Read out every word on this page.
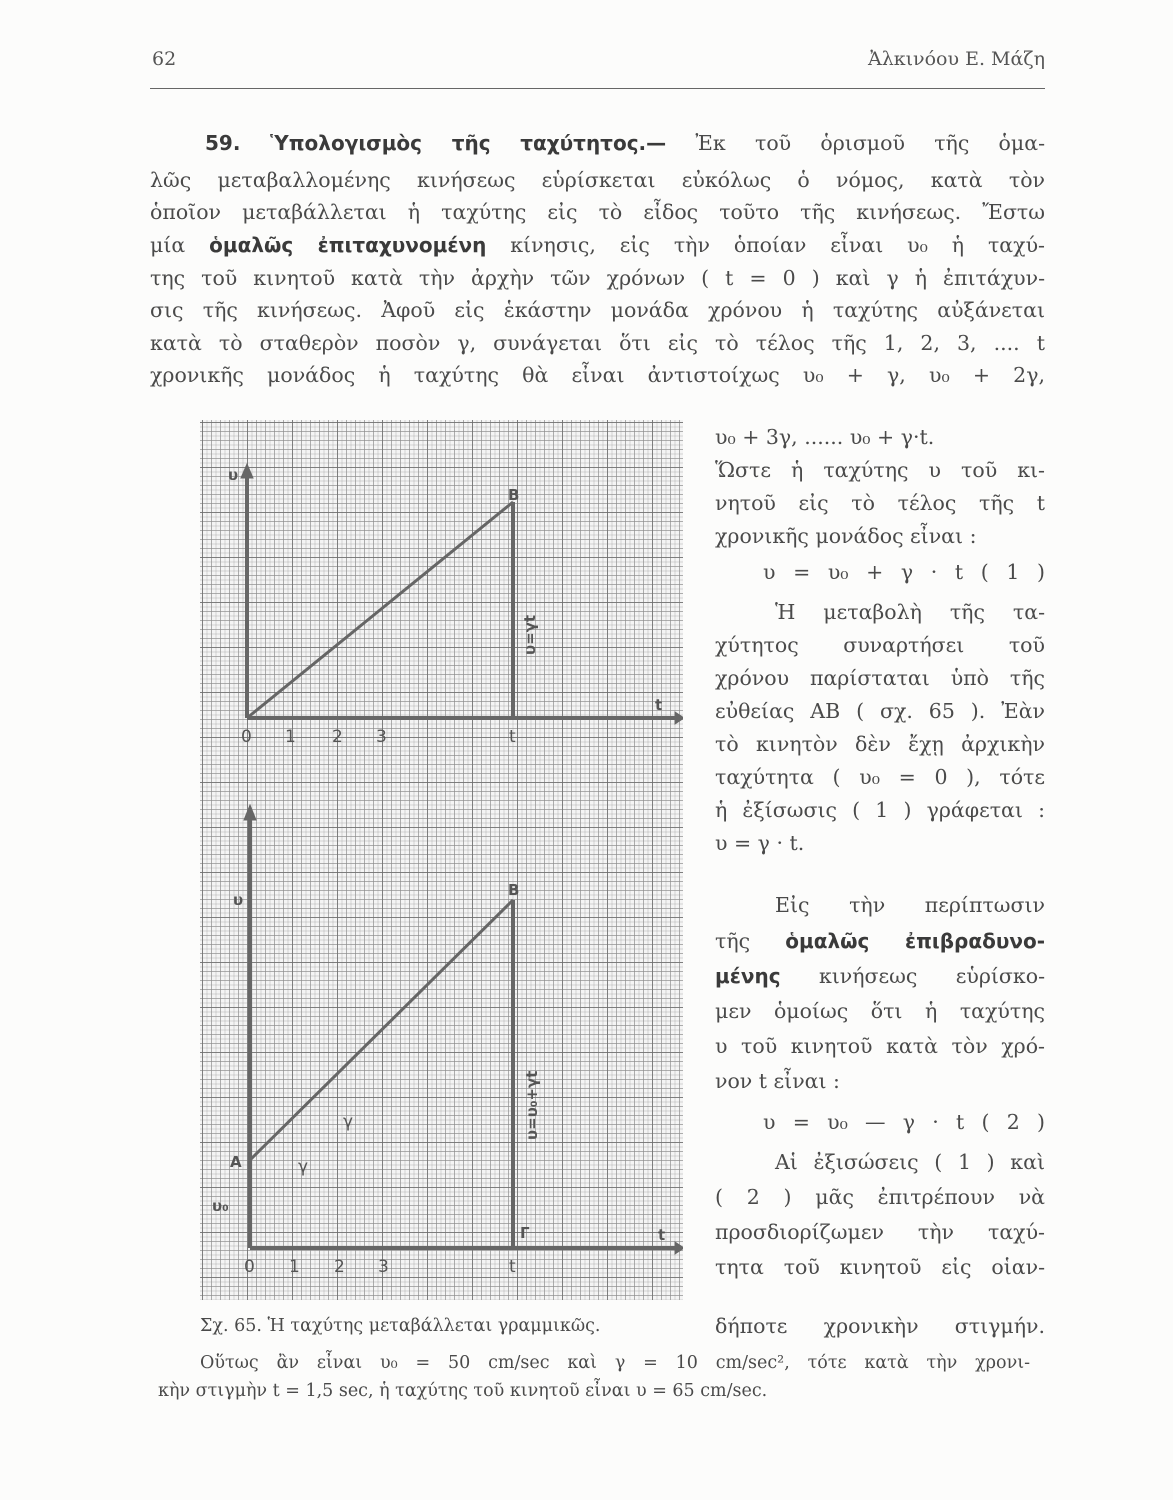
62	Ἀλκινόου Ε. Μάζη
59. Ὑπολογισμὸς τῆς ταχύτητος.— Ἐκ τοῦ ὁρισμοῦ τῆς ὁμα-
λῶς μεταβαλλομένης κινήσεως εὑρίσκεται εὐκόλως ὁ νόμος, κατὰ τὸν
ὁποῖον μεταβάλλεται ἡ ταχύτης εἰς τὸ εἶδος τοῦτο τῆς κινήσεως. Ἔστω
μία ὁμαλῶς ἐπιταχυνομένη κίνησις, εἰς τὴν ὁποίαν εἶναι υ₀ ἡ ταχύ-
της τοῦ κινητοῦ κατὰ τὴν ἀρχὴν τῶν χρόνων ( t = 0 ) καὶ γ ἡ ἐπιτάχυν-
σις τῆς κινήσεως. Ἀφοῦ εἰς ἑκάστην μονάδα χρόνου ἡ ταχύτης αὐξάνεται
κατὰ τὸ σταθερὸν ποσὸν γ, συνάγεται ὅτι εἰς τὸ τέλος τῆς 1, 2, 3, .... t
χρονικῆς μονάδος ἡ ταχύτης θὰ εἶναι ἀντιστοίχως υ₀ + γ, υ₀ + 2γ,
υ₀ + 3γ, ...... υ₀ + γ·t.
Ὥστε ἡ ταχύτης υ τοῦ κι-
νητοῦ εἰς τὸ τέλος τῆς t
χρονικῆς μονάδος εἶναι :
υ = υ₀ + γ · t ( 1 )
Ἡ μεταβολὴ τῆς τα-
χύτητος συναρτήσει τοῦ
χρόνου παρίσταται ὑπὸ τῆς
εὐθείας ΑΒ ( σχ. 65 ). Ἐὰν
τὸ κινητὸν δὲν ἔχῃ ἀρχικὴν
ταχύτητα ( υ₀ = 0 ), τότε
ἡ ἐξίσωσις ( 1 ) γράφεται :
υ = γ · t.
Εἰς τὴν περίπτωσιν
τῆς ὁμαλῶς ἐπιβραδυνο-
μένης κινήσεως εὑρίσκο-
μεν ὁμοίως ὅτι ἡ ταχύτης
υ τοῦ κινητοῦ κατὰ τὸν χρό-
νον t εἶναι :
υ = υ₀ — γ · t ( 2 )
Αἱ ἐξισώσεις ( 1 ) καὶ
( 2 ) μᾶς ἐπιτρέπουν νὰ
προσδιορίζωμεν τὴν ταχύ-
τητα τοῦ κινητοῦ εἰς οἱαν-
δήποτε χρονικὴν στιγμήν.
Οὕτως ἂν εἶναι υ₀ = 50 cm/sec καὶ γ = 10 cm/sec², τότε κατὰ τὴν χρονι-
κὴν στιγμὴν t = 1,5 sec, ἡ ταχύτης τοῦ κινητοῦ εἶναι υ = 65 cm/sec.
υ
B
t
υ=γt
0 1 2 3	t
υ
B
A
υ₀
Γ	t
γ
γ	υ=υ₀+γt
0 1 2 3	t
Σχ. 65. Ἡ ταχύτης μεταβάλλεται γραμμικῶς.
